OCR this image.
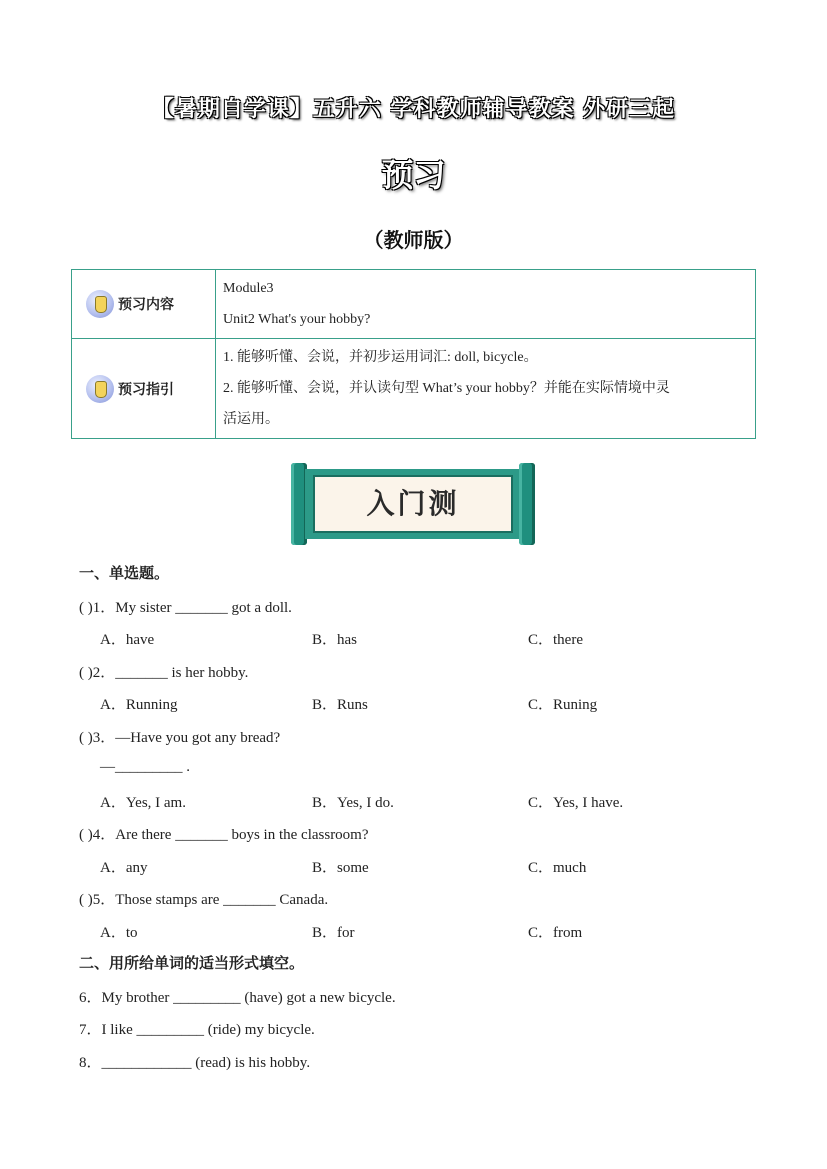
【暑期自学课】五升六 学科教师辅导教案 外研三起
预习
（教师版）
预习内容	Module3
Unit2 What's your hobby?

预习指引	1. 能够听懂、会说，并初步运用词汇: doll, bicycle。
2. 能够听懂、会说，并认读句型 What’s your hobby？并能在实际情境中灵
活运用。
入门测
一、单选题。
( )1．My sister _______ got a doll.
A．have	B．has	C．there
( )2．_______ is her hobby.
A．Running	B．Runs	C．Runing
( )3．—Have you got any bread?
—_________ .
A．Yes, I am.	B．Yes, I do.	C．Yes, I have.
( )4．Are there _______ boys in the classroom?
A．any	B．some	C．much
( )5．Those stamps are _______ Canada.
A．to	B．for	C．from
二、用所给单词的适当形式填空。
6．My brother _________ (have) got a new bicycle.
7．I like _________ (ride) my bicycle.
8．____________ (read) is his hobby.
